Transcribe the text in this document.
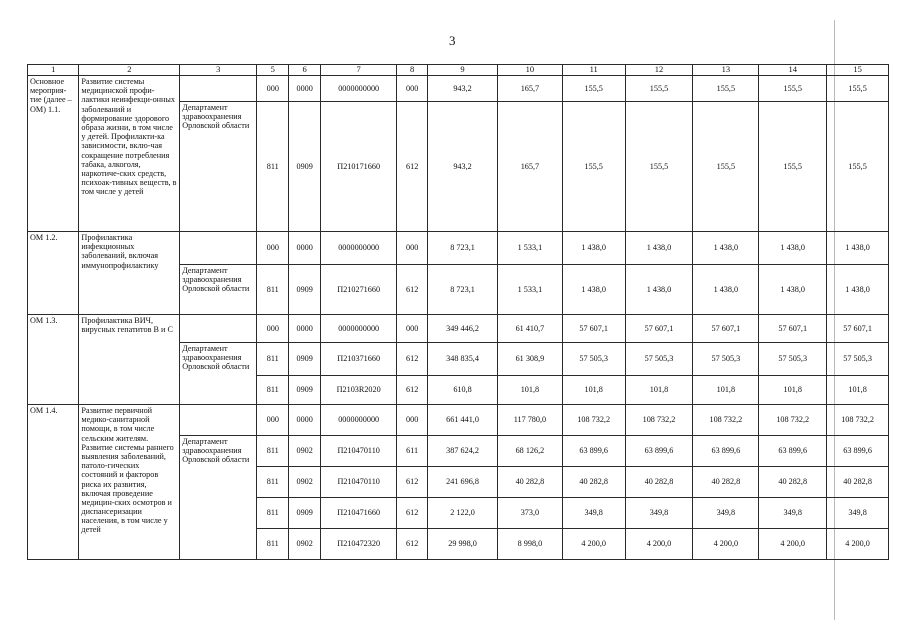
3
1	2	3	5	6	7	8	9	10	11	12	13	14	15
Основное мероприя-тие (далее – ОМ) 1.1.	Развитие системы медицинской профи-лактики неинфекци-онных заболеваний и формирование здорового образа жизни, в том числе у детей. Профилакти-ка зависимости, вклю-чая сокращение потребления табака, алкоголя, наркотиче-ских средств, психоак-тивных веществ, в том числе у детей		000	0000	0000000000	000	943,2	165,7	155,5	155,5	155,5	155,5	155,5
		Департамент здравоохранения Орловской области	811	0909	П210171660	612	943,2	165,7	155,5	155,5	155,5	155,5	155,5
ОМ 1.2.	Профилактика инфекционных заболеваний, включая иммунопрофилактику		000	0000	0000000000	000	8 723,1	1 533,1	1 438,0	1 438,0	1 438,0	1 438,0	1 438,0
		Департамент здравоохранения Орловской области	811	0909	П210271660	612	8 723,1	1 533,1	1 438,0	1 438,0	1 438,0	1 438,0	1 438,0
ОМ 1.3.	Профилактика ВИЧ, вирусных гепатитов В и С		000	0000	0000000000	000	349 446,2	61 410,7	57 607,1	57 607,1	57 607,1	57 607,1	57 607,1
		Департамент здравоохранения Орловской области	811	0909	П210371660	612	348 835,4	61 308,9	57 505,3	57 505,3	57 505,3	57 505,3	57 505,3
			811	0909	П2103R2020	612	610,8	101,8	101,8	101,8	101,8	101,8	101,8
ОМ 1.4.	Развитие первичной медико-санитарной помощи, в том числе сельским жителям. Развитие системы раннего выявления заболеваний, патоло-гических состояний и факторов риска их развития, включая проведение медицин-ских осмотров и диспансеризации населения, в том числе у детей		000	0000	0000000000	000	661 441,0	117 780,0	108 732,2	108 732,2	108 732,2	108 732,2	108 732,2
		Департамент здравоохранения Орловской области	811	0902	П210470110	611	387 624,2	68 126,2	63 899,6	63 899,6	63 899,6	63 899,6	63 899,6
			811	0902	П210470110	612	241 696,8	40 282,8	40 282,8	40 282,8	40 282,8	40 282,8	40 282,8
			811	0909	П210471660	612	2 122,0	373,0	349,8	349,8	349,8	349,8	349,8
			811	0902	П210472320	612	29 998,0	8 998,0	4 200,0	4 200,0	4 200,0	4 200,0	4 200,0
